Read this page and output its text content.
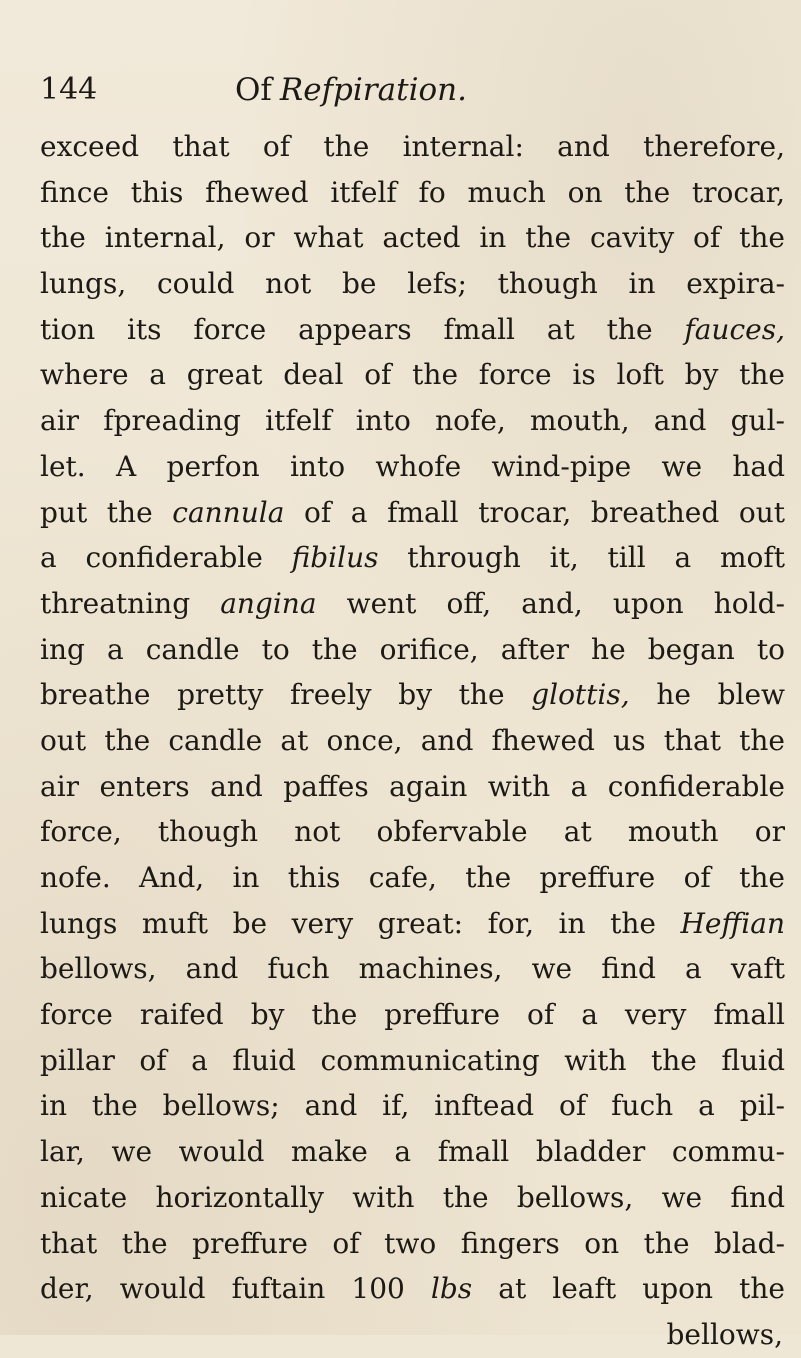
144	Of Refpiration.
exceed that of the internal: and therefore,
fince this fhewed itfelf fo much on the trocar,
the internal, or what acted in the cavity of the
lungs, could not be lefs; though in expira-
tion its force appears fmall at the fauces,
where a great deal of the force is loft by the
air fpreading itfelf into nofe, mouth, and gul-
let. A perfon into whofe wind-pipe we had
put the cannula of a fmall trocar, breathed out
a confiderable fibilus through it, till a moft
threatning angina went off, and, upon hold-
ing a candle to the orifice, after he began to
breathe pretty freely by the glottis, he blew
out the candle at once, and fhewed us that the
air enters and paffes again with a confiderable
force, though not obfervable at mouth or
nofe. And, in this cafe, the preffure of the
lungs muft be very great: for, in the Heffian
bellows, and fuch machines, we find a vaft
force raifed by the preffure of a very fmall
pillar of a fluid communicating with the fluid
in the bellows; and if, inftead of fuch a pil-
lar, we would make a fmall bladder commu-
nicate horizontally with the bellows, we find
that the preffure of two fingers on the blad-
der, would fuftain 100 lbs at leaft upon the
bellows,
